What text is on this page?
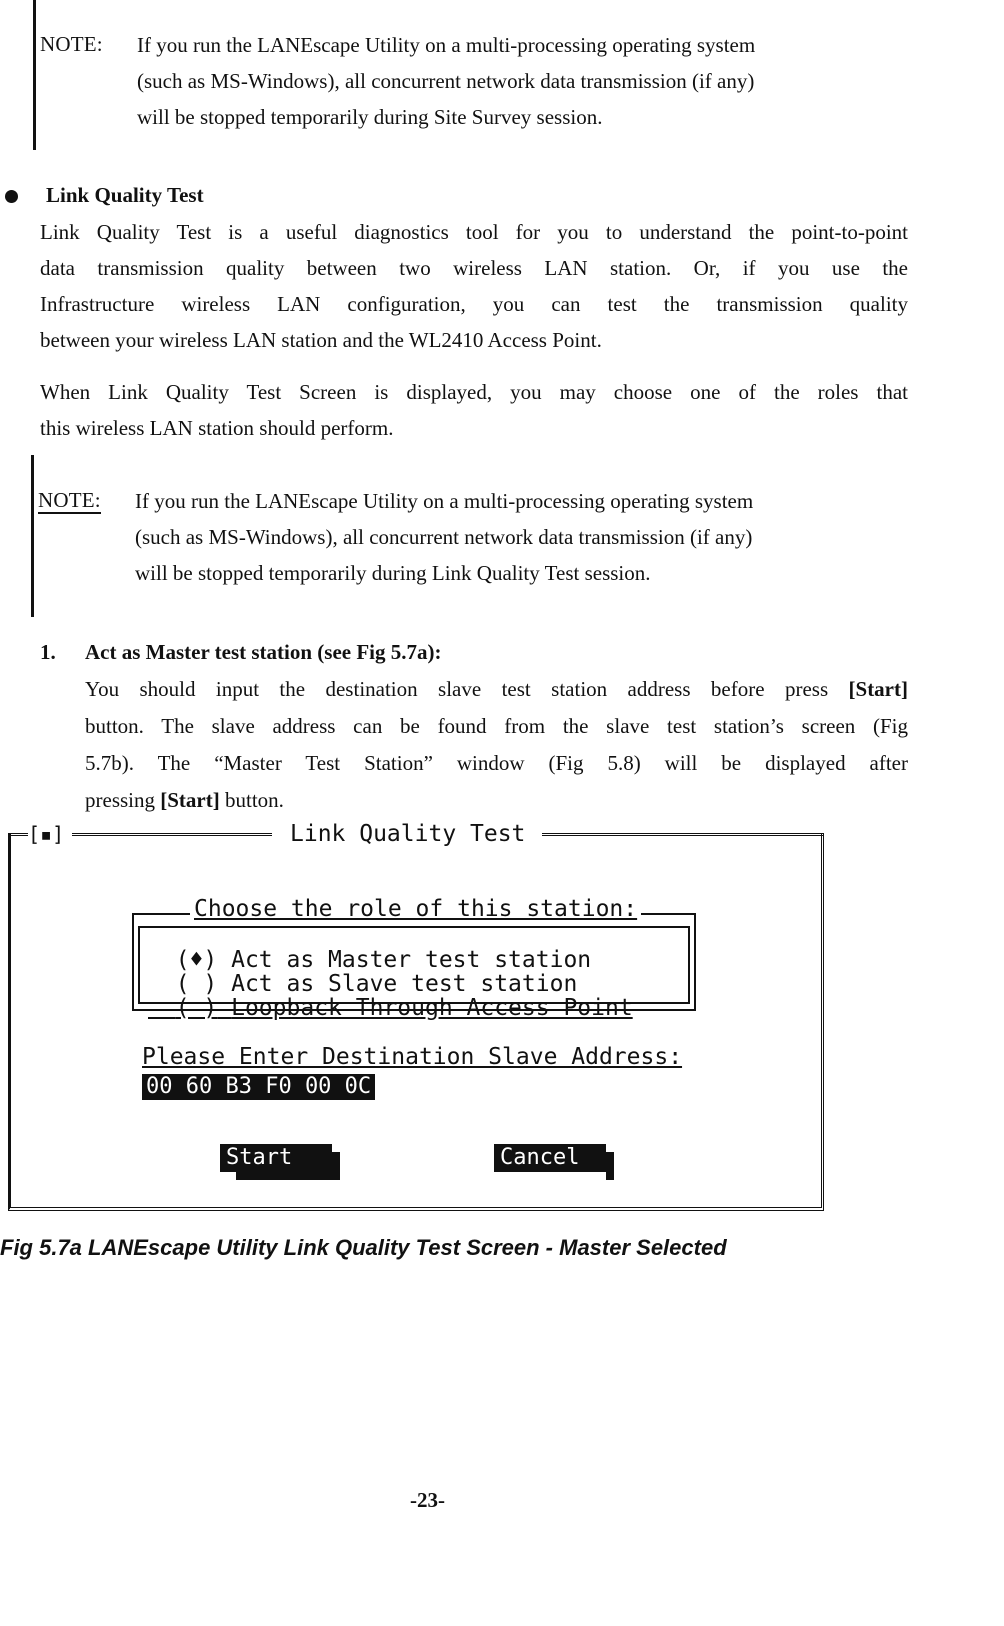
NOTE: If you run the LANEscape Utility on a multi-processing operating system
(such as MS-Windows), all concurrent network data transmission (if any)
will be stopped temporarily during Site Survey session.
Link Quality Test
Link Quality Test is a useful diagnostics tool for you to understand the point-to-point
data transmission quality between two wireless LAN station. Or, if you use the
Infrastructure wireless LAN configuration, you can test the transmission quality
between your wireless LAN station and the WL2410 Access Point.
When Link Quality Test Screen is displayed, you may choose one of the roles that
this wireless LAN station should perform.
NOTE: If you run the LANEscape Utility on a multi-processing operating system
(such as MS-Windows), all concurrent network data transmission (if any)
will be stopped temporarily during Link Quality Test session.
1. Act as Master test station (see Fig 5.7a):
You should input the destination slave test station address before press [Start]
button. The slave address can be found from the slave test station’s screen (Fig
5.7b). The “Master Test Station” window (Fig 5.8) will be displayed after
pressing [Start] button.
[▪]	Link Quality Test
Choose the role of this station:

(♦) Act as Master test station

( ) Act as Slave test station

( ) Loopback Through Access Point

Please Enter Destination Slave Address:
00 60 B3 F0 00 0C
Start	Cancel
Fig 5.7a LANEscape Utility Link Quality Test Screen - Master Selected
-23-
